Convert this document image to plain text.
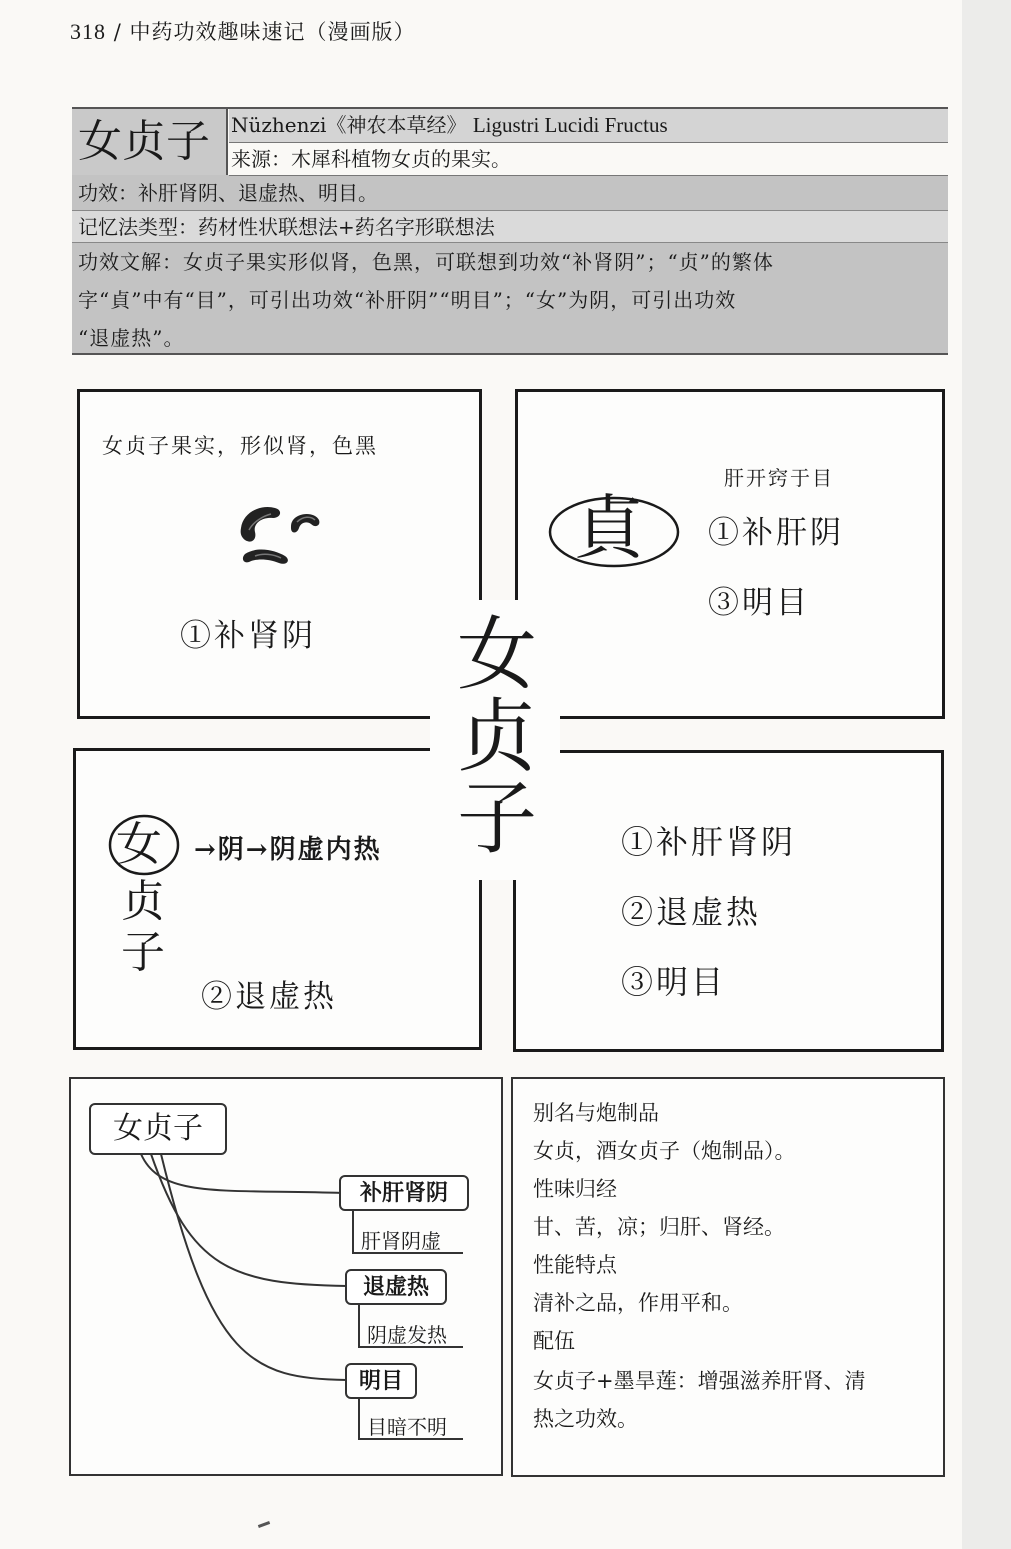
318 / 中药功效趣味速记（漫画版）
女贞子	Nüzhenzi《神农本草经》 Ligustri Lucidi Fructus
来源：木犀科植物女贞的果实。
功效：补肝肾阴、退虚热、明目。
记忆法类型：药材性状联想法+药名字形联想法
功效文解：女贞子果实形似肾，色黑，可联想到功效“补肾阴”；“贞”的繁体
字“貞”中有“目”，可引出功效“补肝阴”“明目”；“女”为阴，可引出功效
“退虚热”。
女贞子果实，形似肾，色黑
①补肾阴
肝开窍于目
貞 ①补肝阴
③明目
女 →阴→阴虚内热
贞
子
②退虚热
①补肝肾阴
②退虚热
③明目
女
贞
子
女贞子
补肝肾阴
肝肾阴虚
退虚热
阴虚发热
明目
目暗不明
别名与炮制品
女贞，酒女贞子（炮制品）。
性味归经
甘、苦，凉；归肝、肾经。
性能特点
清补之品，作用平和。
配伍
女贞子+墨旱莲：增强滋养肝肾、清
热之功效。
